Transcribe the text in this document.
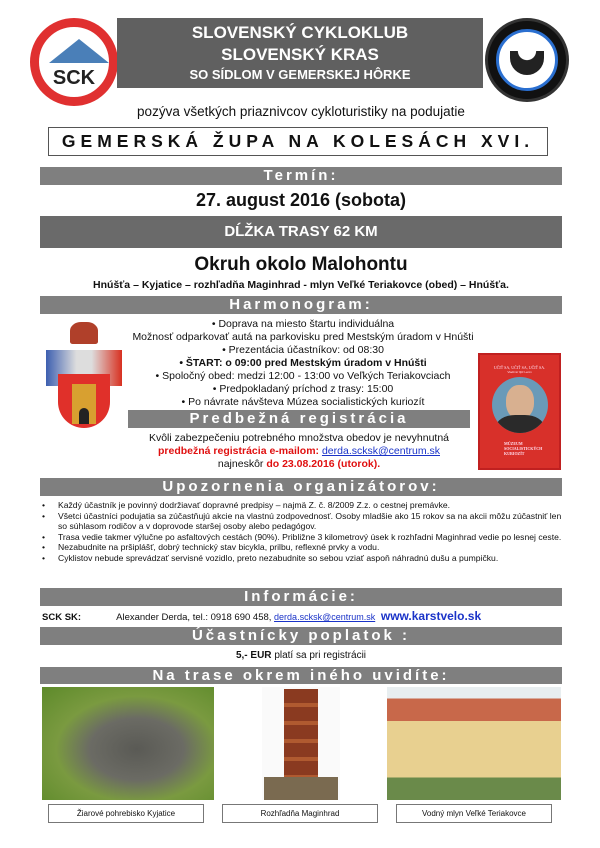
SCK
SLOVENSKÝ CYKLOKLUB
SLOVENSKÝ KRAS
SO SÍDLOM V GEMERSKEJ HÔRKE
pozýva všetkých priaznivcov cykloturistiky na podujatie
GEMERSKÁ ŽUPA NA KOLESÁCH XVI.
Termín:
27. august 2016 (sobota)
DĹŽKA TRASY 62 KM
Okruh okolo Malohontu
Hnúšťa – Kyjatice – rozhľadňa Maginhrad - mlyn Veľké Teriakovce (obed) – Hnúšťa.
Harmonogram:
• Doprava na miesto štartu individuálna
Možnosť odparkovať autá na parkovisku pred Mestským úradom v Hnúšti
• Prezentácia účastníkov: od 08:30
• ŠTART: o 09:00 pred Mestským úradom v Hnúšti
• Spoločný obed: medzi 12:00 - 13:00 vo Veľkých Teriakovciach
• Predpokladaný príchod z trasy: 15:00
• Po návrate návšteva Múzea socialistických kuriozít
UČIŤ SA, UČIŤ SA, UČIŤ SA.
Vladimír Iljič Lenin
MÚZEUM SOCIALISTICKÝCH KURIOZÍT
Predbežná registrácia
Kvôli zabezpečeniu potrebného množstva obedov je nevyhnutná
predbežná registrácia e-mailom: derda.scksk@centrum.sk
najneskôr do 23.08.2016 (utorok).
Upozornenia organizátorov:
• Každý účastník je povinný dodržiavať dopravné predpisy – najmä Z. č. 8/2009 Z.z. o cestnej premávke.
• Všetci účastníci podujatia sa zúčastňujú akcie na vlastnú zodpovednosť. Osoby mladšie ako 15 rokov sa na akcii môžu zúčastniť len so súhlasom rodičov a v doprovode staršej osoby alebo pedagógov.
• Trasa vedie takmer výlučne po asfaltových cestách (90%). Približne 3 kilometrový úsek k rozhľadni Maginhrad vedie po lesnej ceste.
• Nezabudnite na pršiplášť, dobrý technický stav bicykla, prilbu, reflexné prvky a vodu.
• Cyklistov nebude sprevádzať servisné vozidlo, preto nezabudnite so sebou vziať aspoň náhradnú dušu a pumpičku.
Informácie:
SCK SK:	Alexander Derda, tel.: 0918 690 458, derda.scksk@centrum.sk www.karstvelo.sk
Účastnícky poplatok :
5,- EUR platí sa pri registrácii
Na trase okrem iného uvidíte:
Žiarové pohrebisko Kyjatice	Rozhľadňa Maginhrad	Vodný mlyn Veľké Teriakovce
